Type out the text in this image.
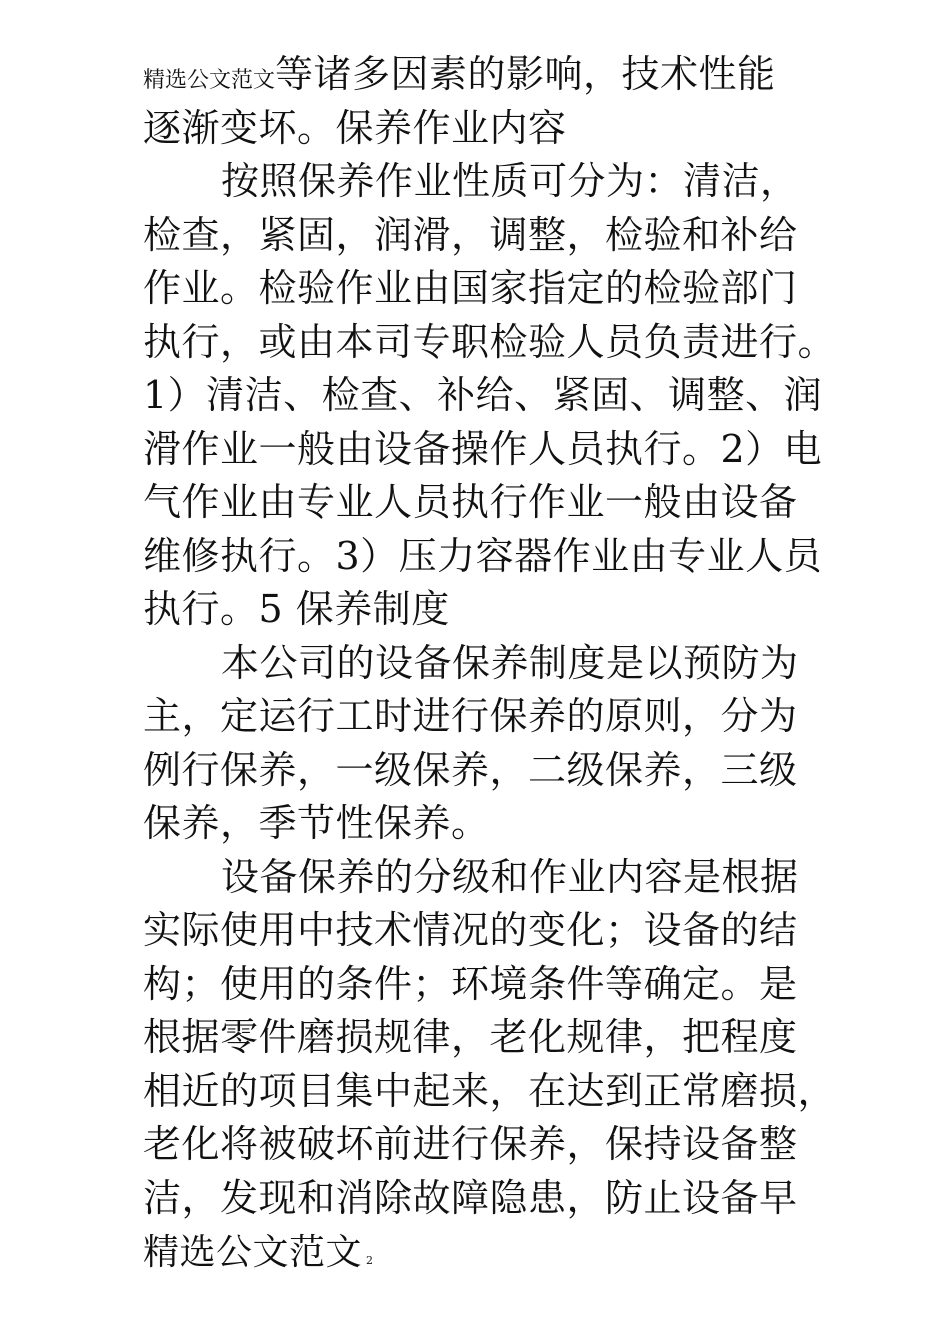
精选公文范文等诸多因素的影响，技术性能
逐渐变坏。保养作业内容
按照保养作业性质可分为：清洁，
检查，紧固，润滑，调整，检验和补给
作业。检验作业由国家指定的检验部门
执行，或由本司专职检验人员负责进行。
1）清洁、检查、补给、紧固、调整、润
滑作业一般由设备操作人员执行。2）电
气作业由专业人员执行作业一般由设备
维修执行。3）压力容器作业由专业人员
执行。5 保养制度
本公司的设备保养制度是以预防为
主，定运行工时进行保养的原则，分为
例行保养，一级保养，二级保养，三级
保养，季节性保养。
设备保养的分级和作业内容是根据
实际使用中技术情况的变化；设备的结
构；使用的条件；环境条件等确定。是
根据零件磨损规律，老化规律，把程度
相近的项目集中起来，在达到正常磨损，
老化将被破坏前进行保养，保持设备整
洁，发现和消除故障隐患，防止设备早
精选公文范文 2
